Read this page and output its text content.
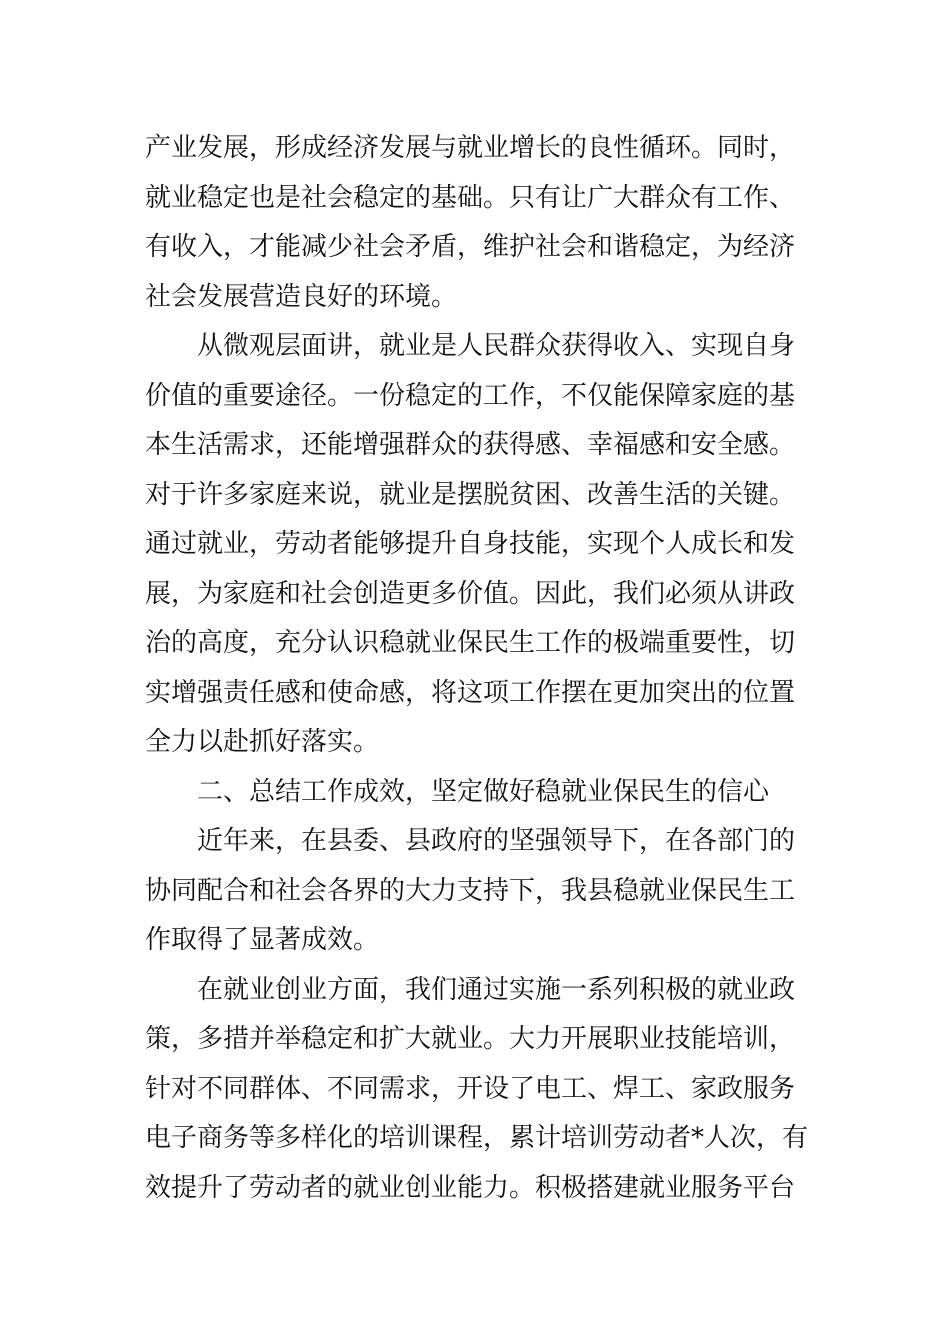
产业发展，形成经济发展与就业增长的良性循环。同时，
就业稳定也是社会稳定的基础。只有让广大群众有工作、
有收入，才能减少社会矛盾，维护社会和谐稳定，为经济
社会发展营造良好的环境。
从微观层面讲，就业是人民群众获得收入、实现自身
价值的重要途径。一份稳定的工作，不仅能保障家庭的基
本生活需求，还能增强群众的获得感、幸福感和安全感。
对于许多家庭来说，就业是摆脱贫困、改善生活的关键。
通过就业，劳动者能够提升自身技能，实现个人成长和发
展，为家庭和社会创造更多价值。因此，我们必须从讲政
治的高度，充分认识稳就业保民生工作的极端重要性，切
实增强责任感和使命感，将这项工作摆在更加突出的位置
全力以赴抓好落实。
二、总结工作成效，坚定做好稳就业保民生的信心
近年来，在县委、县政府的坚强领导下，在各部门的
协同配合和社会各界的大力支持下，我县稳就业保民生工
作取得了显著成效。
在就业创业方面，我们通过实施一系列积极的就业政
策，多措并举稳定和扩大就业。大力开展职业技能培训，
针对不同群体、不同需求，开设了电工、焊工、家政服务
电子商务等多样化的培训课程，累计培训劳动者*人次，有
效提升了劳动者的就业创业能力。积极搭建就业服务平台
